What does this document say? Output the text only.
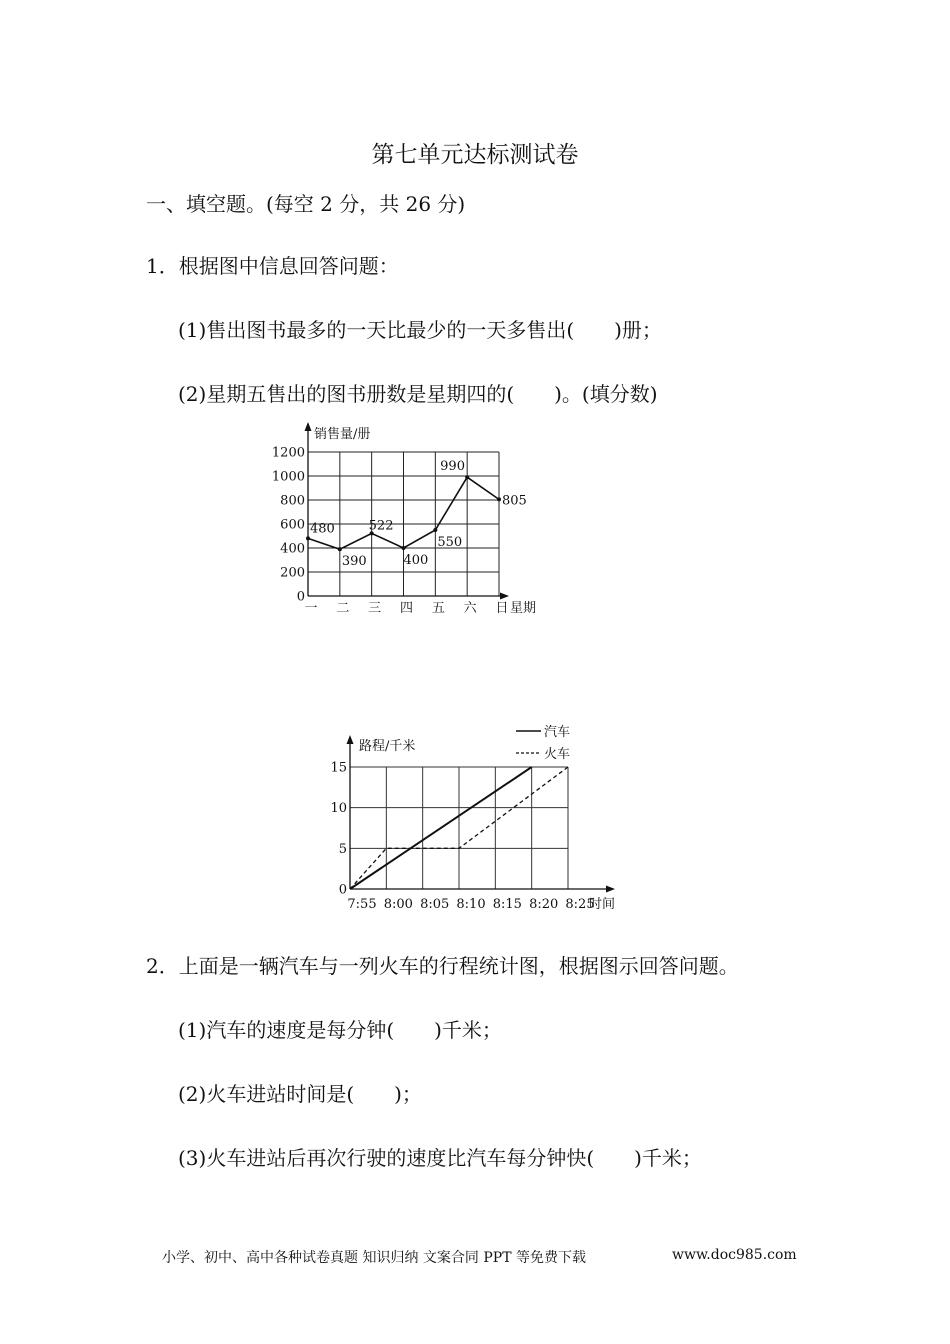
第七单元达标测试卷
一、填空题。(每空 2 分，共 26 分)
1．根据图中信息回答问题：
(1)售出图书最多的一天比最少的一天多售出(　　)册；
(2)星期五售出的图书册数是星期四的(　　)。(填分数)
销售量/册
0
200
400
600
800
1000
1200
一 二 三 四 五 六 日 星期
480
390
522
400
550
990
805
路程/千米
0
5
10
15
7:55 8:00 8:05 8:10 8:15 8:20 8:25
时间
汽车
火车
2．上面是一辆汽车与一列火车的行程统计图，根据图示回答问题。
(1)汽车的速度是每分钟(　　)千米；
(2)火车进站时间是(　　)；
(3)火车进站后再次行驶的速度比汽车每分钟快(　　)千米；
小学、初中、高中各种试卷真题 知识归纳 文案合同 PPT 等免费下载	www.doc985.com
